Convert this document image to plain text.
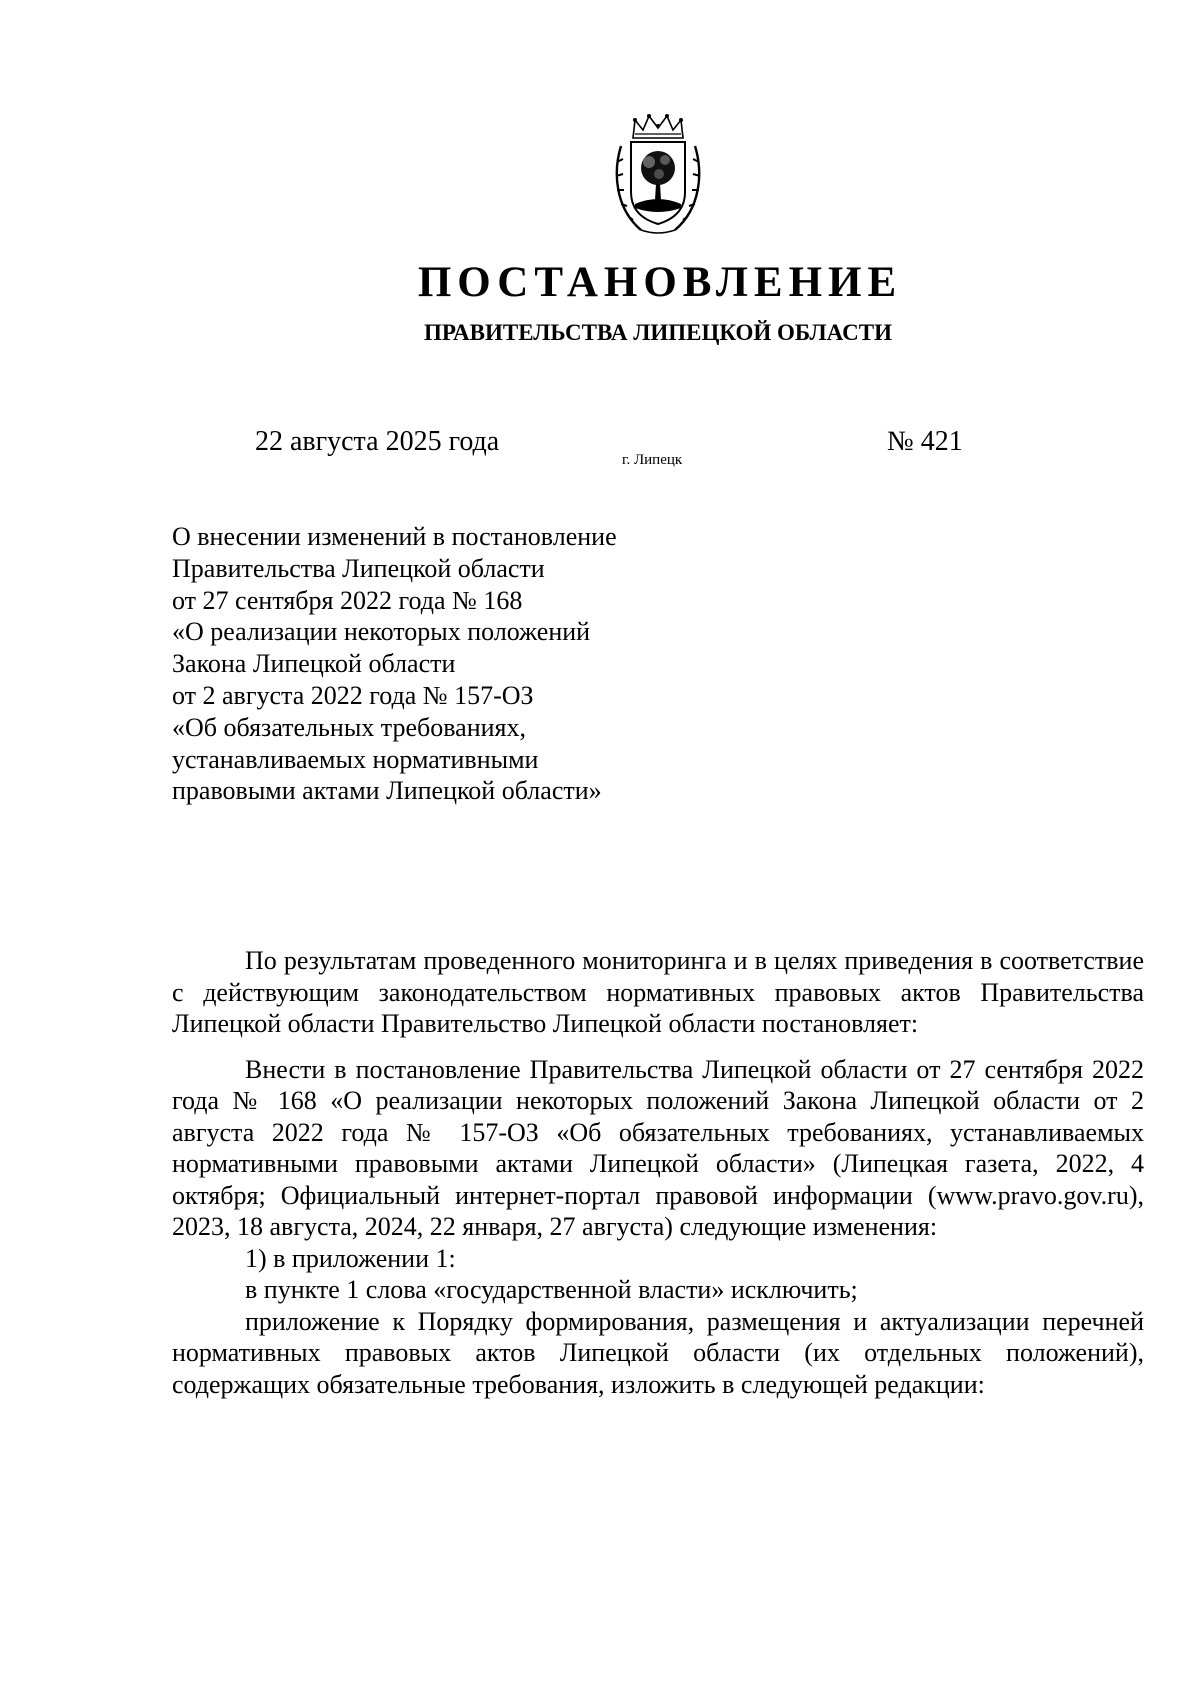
ПОСТАНОВЛЕНИЕ
ПРАВИТЕЛЬСТВА ЛИПЕЦКОЙ ОБЛАСТИ
22 августа 2025 года
г. Липецк
№ 421
О внесении изменений в постановление
Правительства Липецкой области
от 27 сентября 2022 года № 168
«О реализации некоторых положений
Закона Липецкой области
от 2 августа 2022 года № 157-ОЗ
«Об обязательных требованиях,
устанавливаемых нормативными
правовыми актами Липецкой области»

По результатам проведенного мониторинга и в целях приведения в соответствие с действующим законодательством нормативных правовых актов Правительства Липецкой области Правительство Липецкой области постановляет:

Внести в постановление Правительства Липецкой области от 27 сентября 2022 года № 168 «О реализации некоторых положений Закона Липецкой области от 2 августа 2022 года № 157-ОЗ «Об обязательных требованиях, устанавливаемых нормативными правовыми актами Липецкой области» (Липецкая газета, 2022, 4 октября; Официальный интернет-портал правовой информации (www.pravo.gov.ru), 2023, 18 августа, 2024, 22 января, 27 августа) следующие изменения:

1) в приложении 1:

в пункте 1 слова «государственной власти» исключить;

приложение к Порядку формирования, размещения и актуализации перечней нормативных правовых актов Липецкой области (их отдельных положений), содержащих обязательные требования, изложить в следующей редакции:
